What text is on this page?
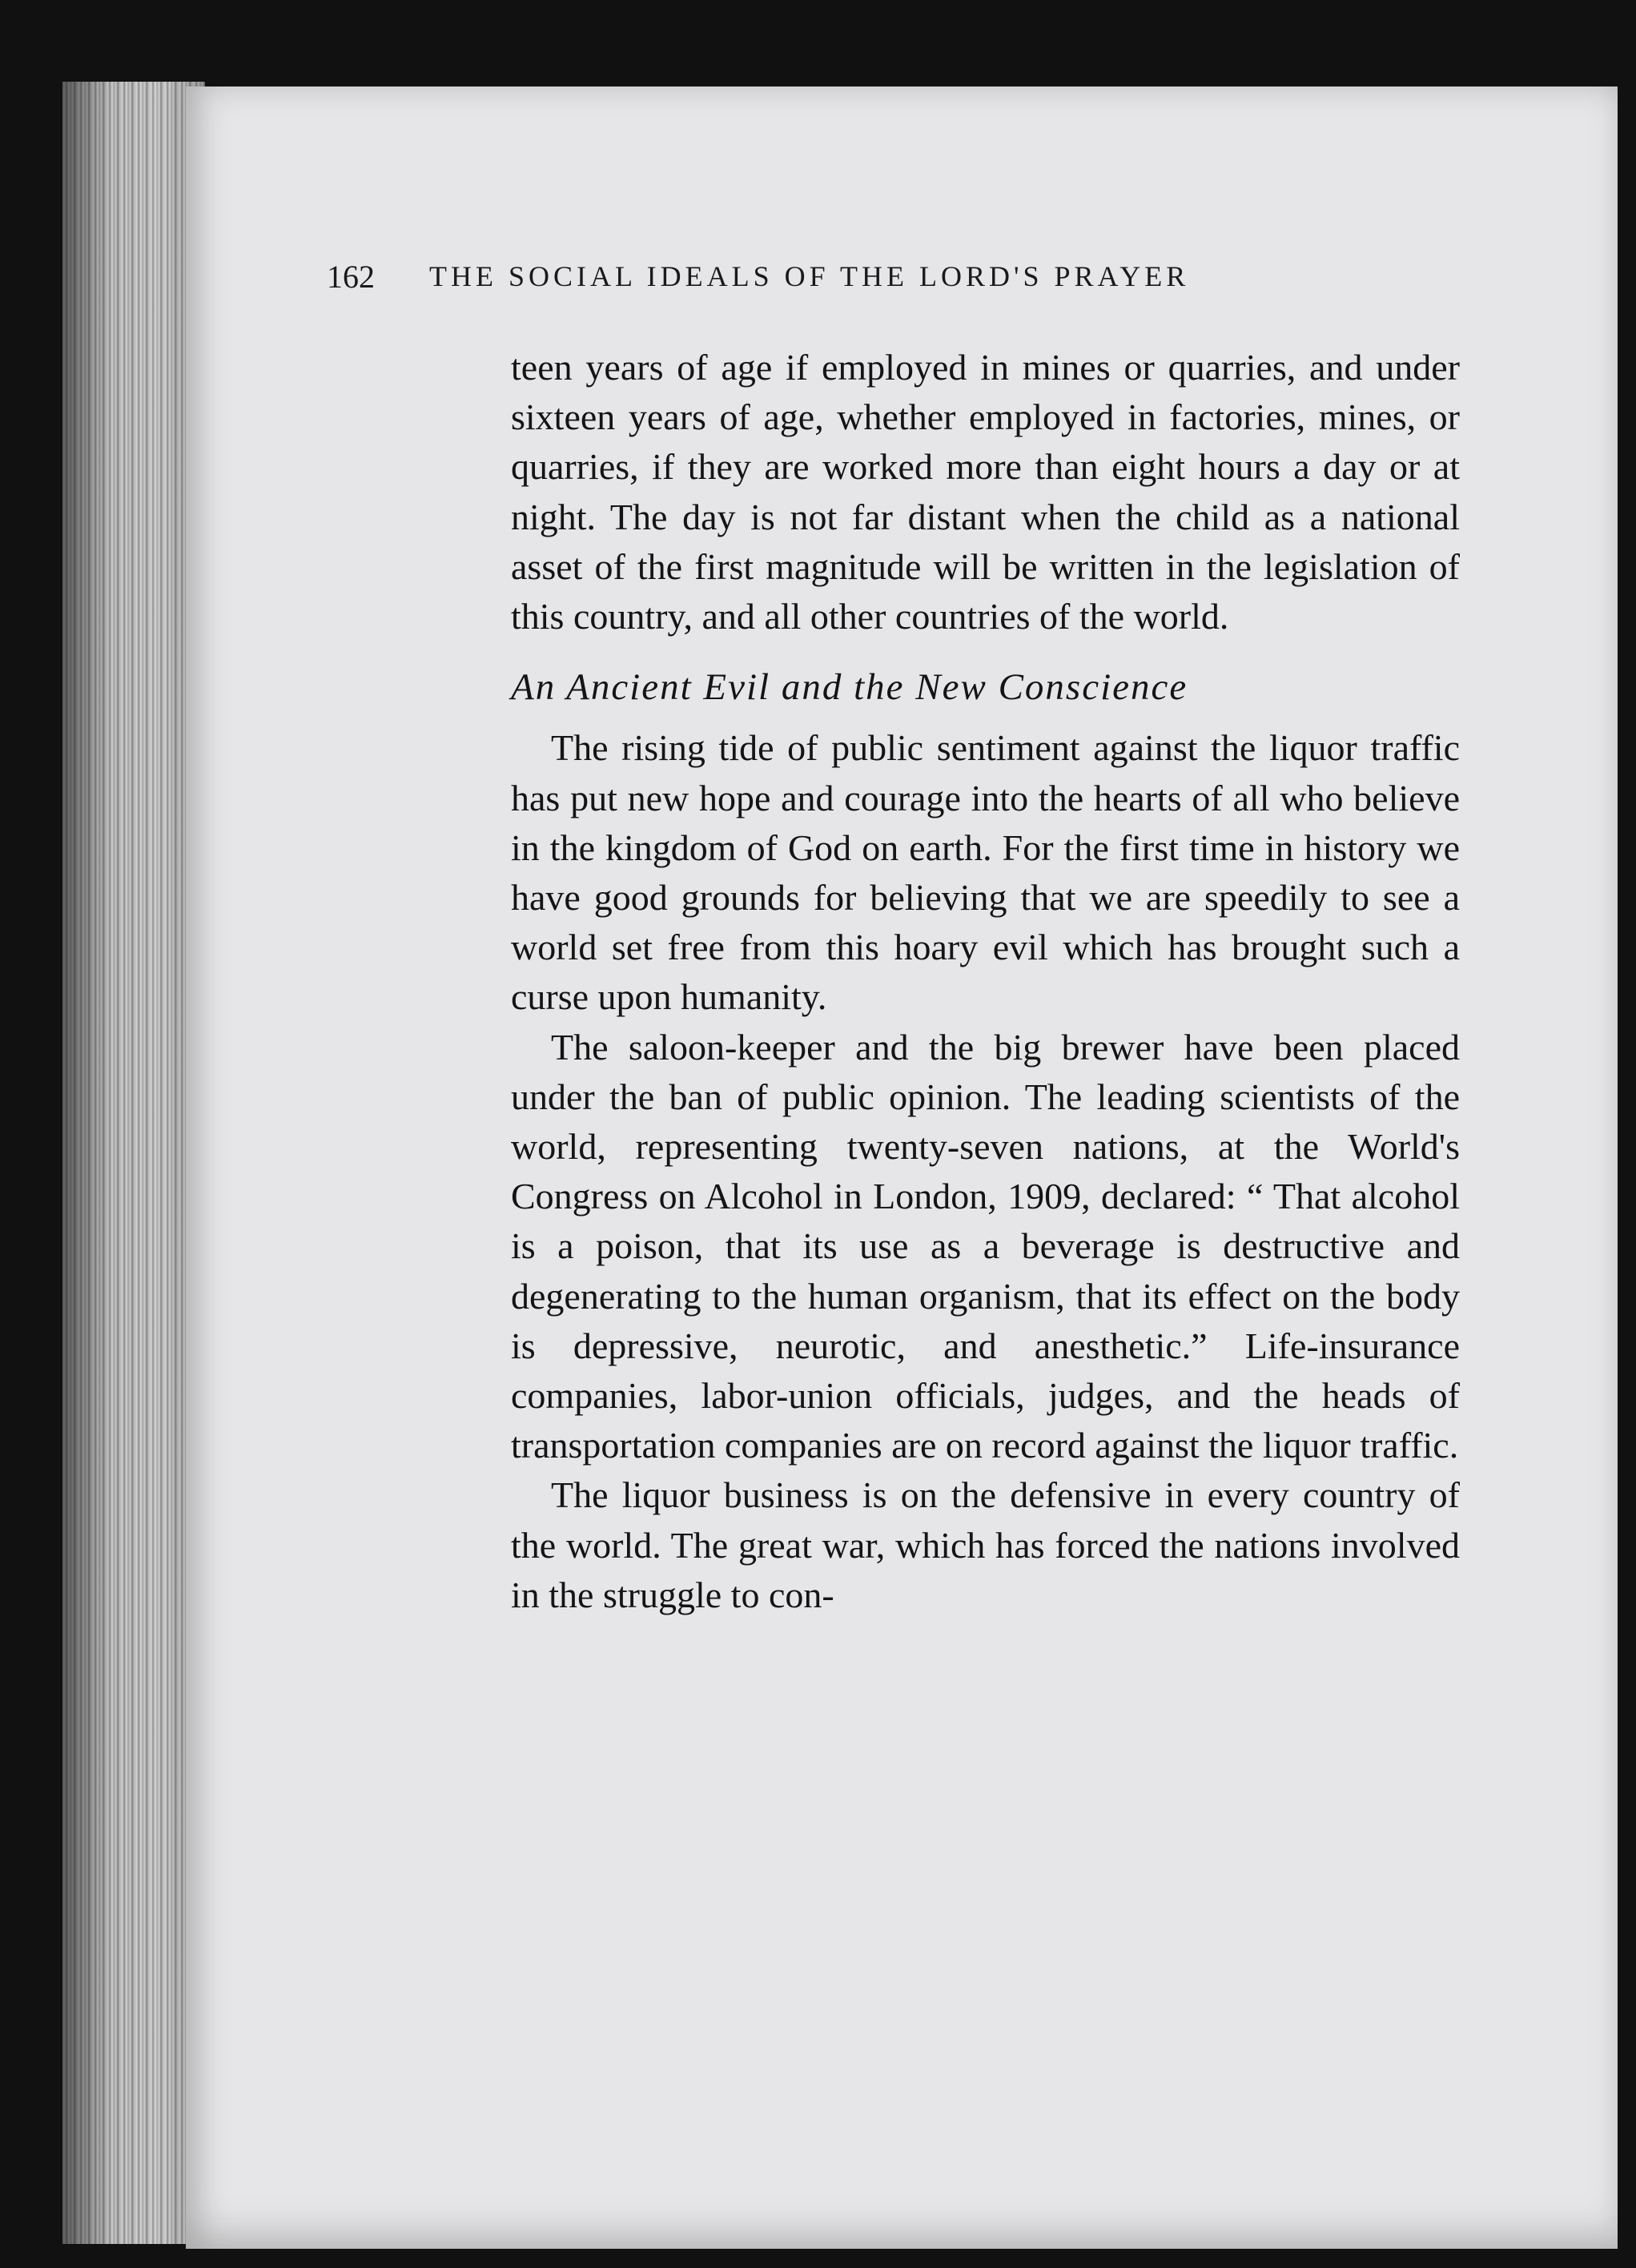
162 THE SOCIAL IDEALS OF THE LORD'S PRAYER

teen years of age if employed in mines or quarries, and under sixteen years of age, whether employed in factories, mines, or quarries, if they are worked more than eight hours a day or at night. The day is not far distant when the child as a national asset of the first magnitude will be written in the legislation of this country, and all other countries of the world.

An Ancient Evil and the New Conscience

The rising tide of public sentiment against the liquor traffic has put new hope and courage into the hearts of all who believe in the kingdom of God on earth. For the first time in history we have good grounds for believing that we are speedily to see a world set free from this hoary evil which has brought such a curse upon humanity.

The saloon-keeper and the big brewer have been placed under the ban of public opinion. The leading scientists of the world, representing twenty-seven nations, at the World's Congress on Alcohol in London, 1909, declared: “ That alcohol is a poison, that its use as a beverage is destructive and degenerating to the human organism, that its effect on the body is depressive, neurotic, and anesthetic.” Life-insurance companies, labor-union officials, judges, and the heads of transportation companies are on record against the liquor traffic.

The liquor business is on the defensive in every country of the world. The great war, which has forced the nations involved in the struggle to con-
